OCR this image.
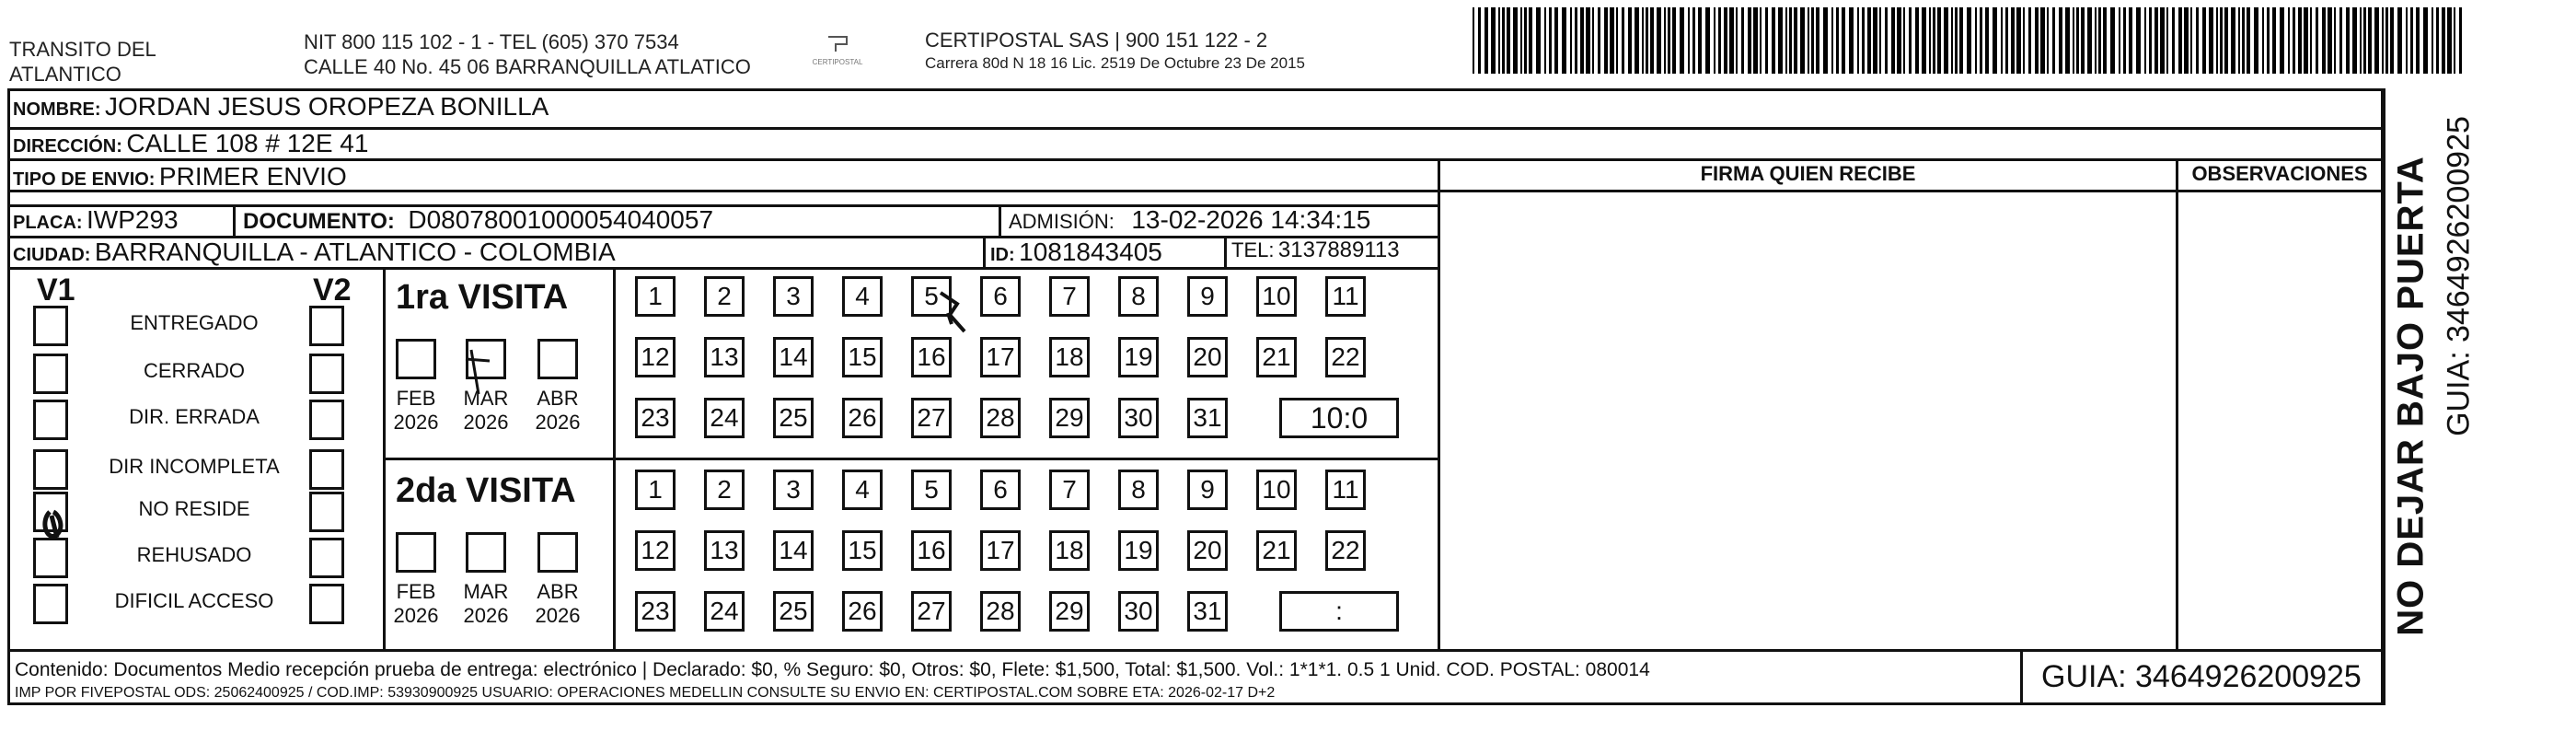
TRANSITO DEL
ATLANTICO
NIT 800 115 102 - 1 - TEL (605) 370 7534
CALLE 40 No. 45 06 BARRANQUILLA ATLATICO	CERTIPOSTAL
CERTIPOSTAL SAS | 900 151 122 - 2
Carrera 80d N 18 16 Lic. 2519 De Octubre 23 De 2015
NOMBRE: JORDAN JESUS OROPEZA BONILLA
DIRECCIÓN: CALLE 108 # 12E 41
TIPO DE ENVIO: PRIMER ENVIO
PLACA: IWP293	DOCUMENTO: D08078001000054040057	ADMISIÓN: 13-02-2026 14:34:15
CIUDAD: BARRANQUILLA - ATLANTICO - COLOMBIA	ID: 1081843405	TEL: 3137889113
FIRMA QUIEN RECIBE	OBSERVACIONES
V1	V2
ENTREGADO
CERRADO
DIR. ERRADA
DIR INCOMPLETA
NO RESIDE
REHUSADO
DIFICIL ACCESO
1ra VISITA
2da VISITA
1	2	3	4	5	6	7	8	9	10 11
12 13 14 15 16 17 18 19 20 21 22
23 24 25 26 27 28 29 30 31
1	2	3	4	5	6	7	8	9	10 11
12 13 14 15 16 17 18 19 20 21 22
23 24 25 26 27 28 29 30 31
10:0
:
FEB
2026
MAR
2026
ABR
2026
FEB
2026
MAR
2026
ABR
2026
Contenido: Documentos Medio recepción prueba de entrega: electrónico | Declarado: $0, % Seguro: $0, Otros: $0, Flete: $1,500, Total: $1,500. Vol.: 1*1*1. 0.5 1 Unid. COD. POSTAL: 080014
IMP POR FIVEPOSTAL ODS: 25062400925 / COD.IMP: 53930900925 USUARIO: OPERACIONES MEDELLIN CONSULTE SU ENVIO EN: CERTIPOSTAL.COM SOBRE ETA: 2026-02-17 D+2	GUIA: 3464926200925
NO DEJAR BAJO PUERTA GUIA: 3464926200925
